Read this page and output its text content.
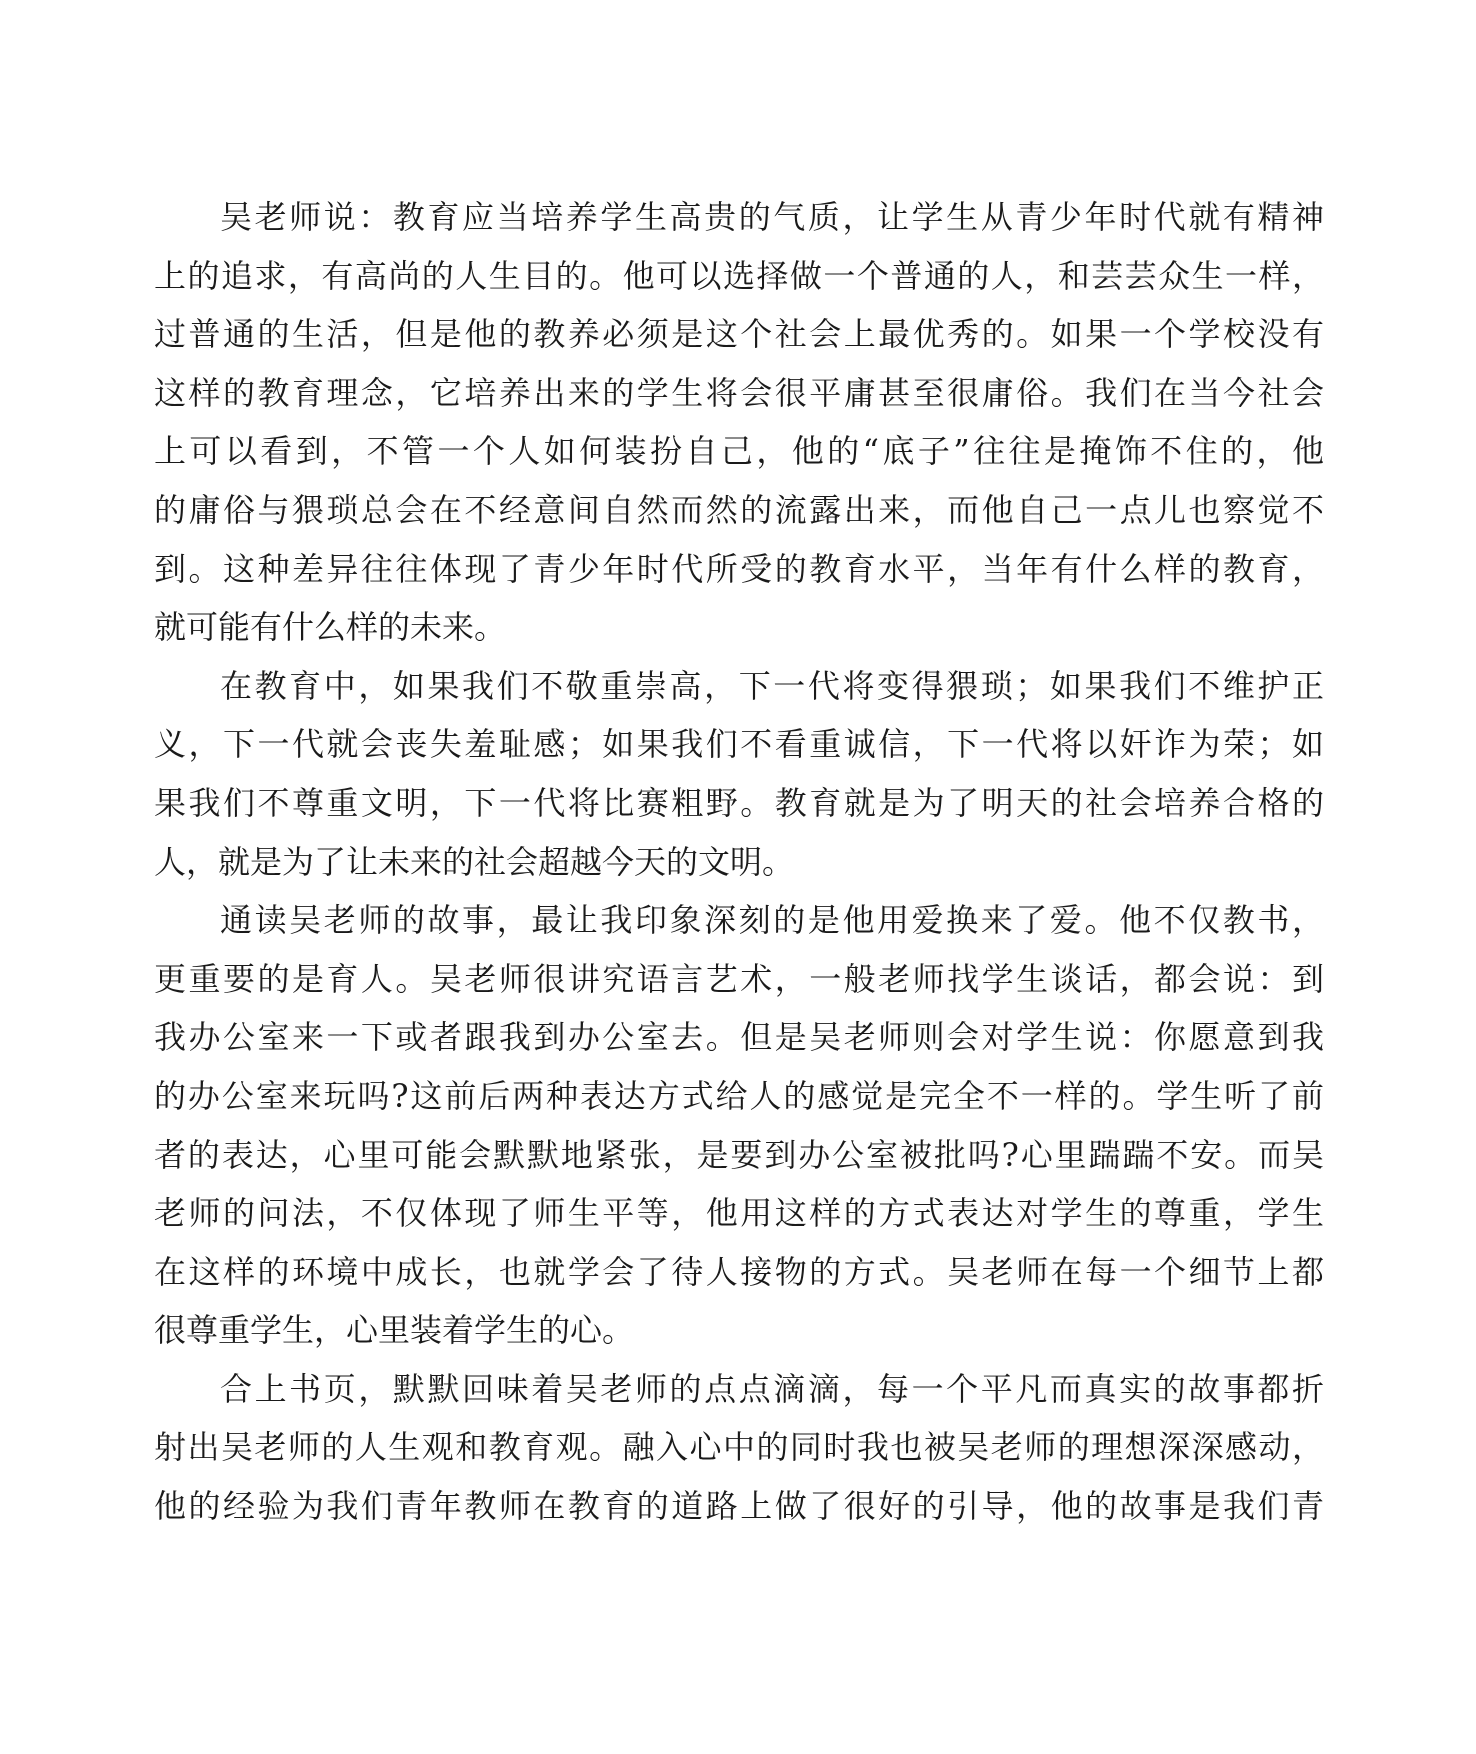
吴老师说：教育应当培养学生高贵的气质，让学生从青少年时代就有精神
上的追求，有高尚的人生目的。他可以选择做一个普通的人，和芸芸众生一样，
过普通的生活，但是他的教养必须是这个社会上最优秀的。如果一个学校没有
这样的教育理念，它培养出来的学生将会很平庸甚至很庸俗。我们在当今社会
上可以看到，不管一个人如何装扮自己，他的“底子”往往是掩饰不住的，他
的庸俗与猥琐总会在不经意间自然而然的流露出来，而他自己一点儿也察觉不
到。这种差异往往体现了青少年时代所受的教育水平，当年有什么样的教育，
就可能有什么样的未来。
在教育中，如果我们不敬重崇高，下一代将变得猥琐；如果我们不维护正
义，下一代就会丧失羞耻感；如果我们不看重诚信，下一代将以奸诈为荣；如
果我们不尊重文明，下一代将比赛粗野。教育就是为了明天的社会培养合格的
人，就是为了让未来的社会超越今天的文明。
通读吴老师的故事，最让我印象深刻的是他用爱换来了爱。他不仅教书，
更重要的是育人。吴老师很讲究语言艺术，一般老师找学生谈话，都会说：到
我办公室来一下或者跟我到办公室去。但是吴老师则会对学生说：你愿意到我
的办公室来玩吗?这前后两种表达方式给人的感觉是完全不一样的。学生听了前
者的表达，心里可能会默默地紧张，是要到办公室被批吗?心里踹踹不安。而吴
老师的问法，不仅体现了师生平等，他用这样的方式表达对学生的尊重，学生
在这样的环境中成长，也就学会了待人接物的方式。吴老师在每一个细节上都
很尊重学生，心里装着学生的心。
合上书页，默默回味着吴老师的点点滴滴，每一个平凡而真实的故事都折
射出吴老师的人生观和教育观。融入心中的同时我也被吴老师的理想深深感动，
他的经验为我们青年教师在教育的道路上做了很好的引导，他的故事是我们青
